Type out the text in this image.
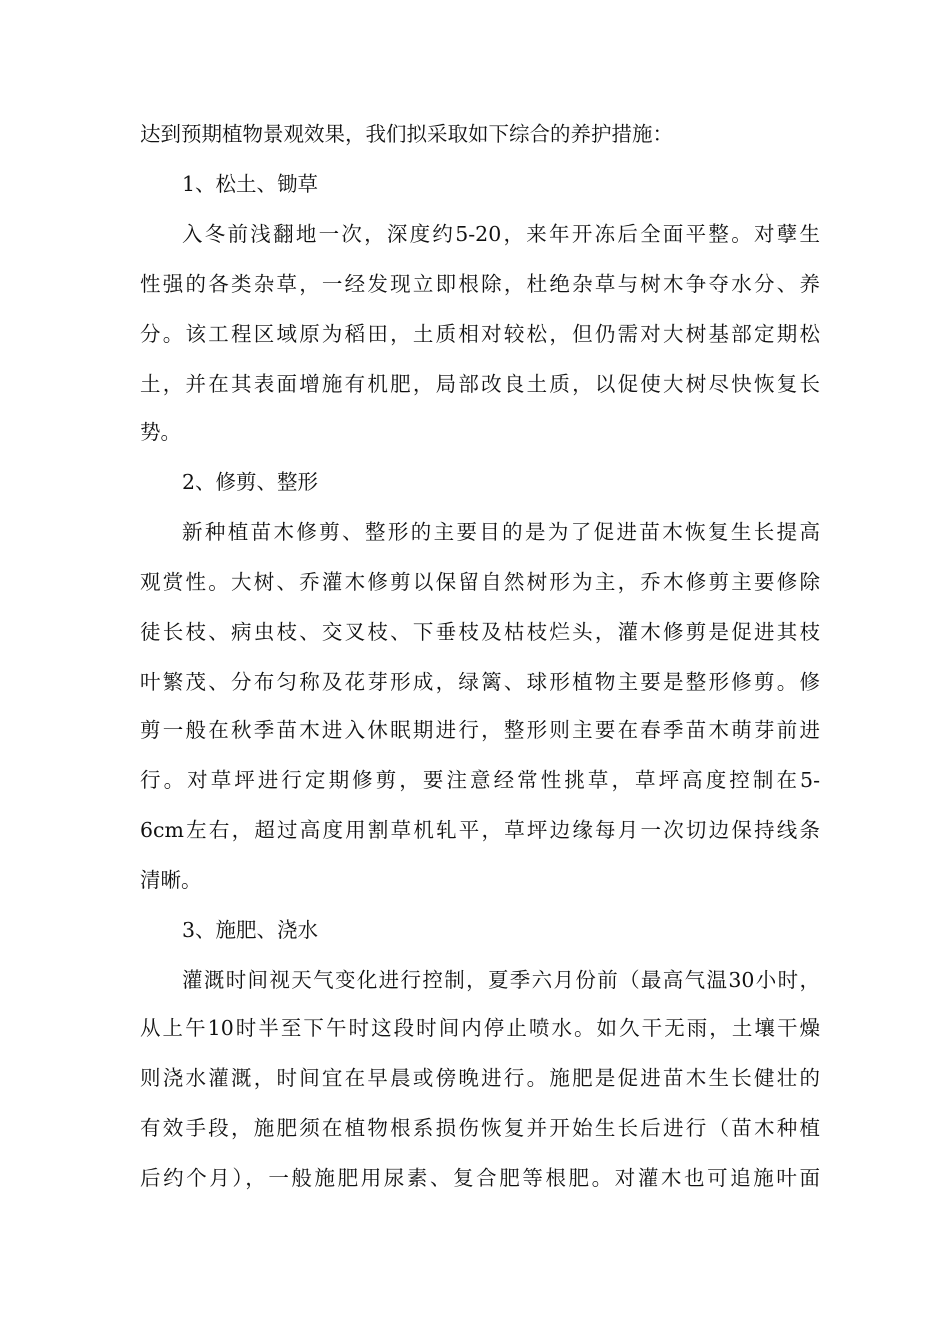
达到预期植物景观效果，我们拟采取如下综合的养护措施：
1、松土、锄草
入冬前浅翻地一次，深度约5-20，来年开冻后全面平整。对孽生
性强的各类杂草，一经发现立即根除，杜绝杂草与树木争夺水分、养
分。该工程区域原为稻田，土质相对较松，但仍需对大树基部定期松
土，并在其表面增施有机肥，局部改良土质，以促使大树尽快恢复长
势。
2、修剪、整形
新种植苗木修剪、整形的主要目的是为了促进苗木恢复生长提高
观赏性。大树、乔灌木修剪以保留自然树形为主，乔木修剪主要修除
徒长枝、病虫枝、交叉枝、下垂枝及枯枝烂头，灌木修剪是促进其枝
叶繁茂、分布匀称及花芽形成，绿篱、球形植物主要是整形修剪。修
剪一般在秋季苗木进入休眠期进行，整形则主要在春季苗木萌芽前进
行。对草坪进行定期修剪，要注意经常性挑草，草坪高度控制在5-
6cm左右，超过高度用割草机轧平，草坪边缘每月一次切边保持线条
清晰。
3、施肥、浇水
灌溉时间视天气变化进行控制，夏季六月份前（最高气温30小时，
从上午10时半至下午时这段时间内停止喷水。如久干无雨，土壤干燥
则浇水灌溉，时间宜在早晨或傍晚进行。施肥是促进苗木生长健壮的
有效手段，施肥须在植物根系损伤恢复并开始生长后进行（苗木种植
后约个月），一般施肥用尿素、复合肥等根肥。对灌木也可追施叶面
